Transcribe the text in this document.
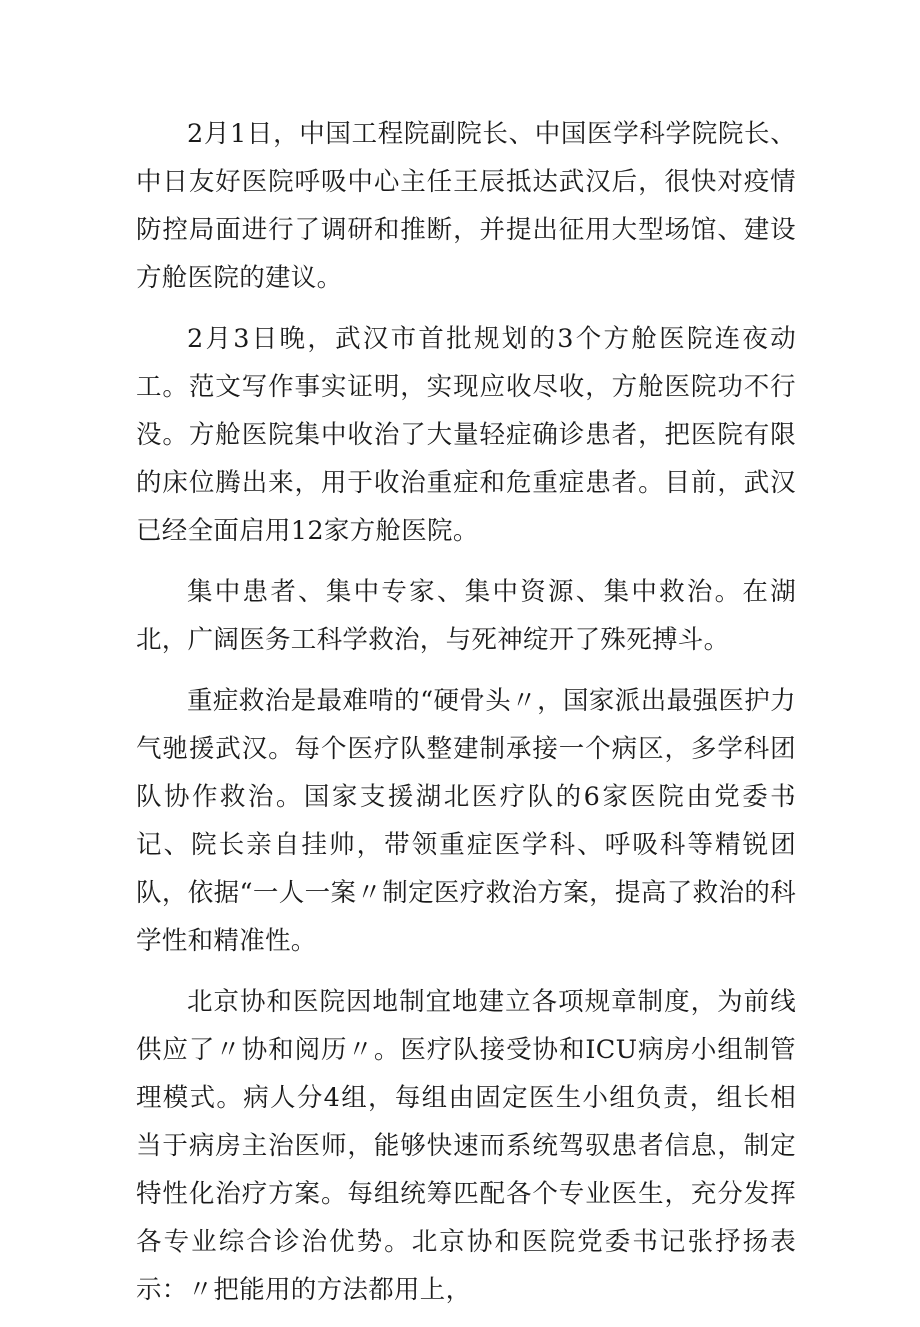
2月1日，中国工程院副院长、中国医学科学院院长、中日友好医院呼吸中心主任王辰抵达武汉后，很快对疫情防控局面进行了调研和推断，并提出征用大型场馆、建设方舱医院的建议。

2月3日晚，武汉市首批规划的3个方舱医院连夜动工。范文写作事实证明，实现应收尽收，方舱医院功不行没。方舱医院集中收治了大量轻症确诊患者，把医院有限的床位腾出来，用于收治重症和危重症患者。目前，武汉已经全面启用12家方舱医院。

集中患者、集中专家、集中资源、集中救治。在湖北，广阔医务工科学救治，与死神绽开了殊死搏斗。

重症救治是最难啃的“硬骨头〃，国家派出最强医护力气驰援武汉。每个医疗队整建制承接一个病区，多学科团队协作救治。国家支援湖北医疗队的6家医院由党委书记、院长亲自挂帅，带领重症医学科、呼吸科等精锐团队，依据“一人一案〃制定医疗救治方案，提高了救治的科学性和精准性。

北京协和医院因地制宜地建立各项规章制度，为前线供应了〃协和阅历〃。医疗队接受协和ICU病房小组制管理模式。病人分4组，每组由固定医生小组负责，组长相当于病房主治医师，能够快速而系统驾驭患者信息，制定特性化治疗方案。每组统筹匹配各个专业医生，充分发挥各专业综合诊治优势。北京协和医院党委书记张抒扬表示：〃把能用的方法都用上，
